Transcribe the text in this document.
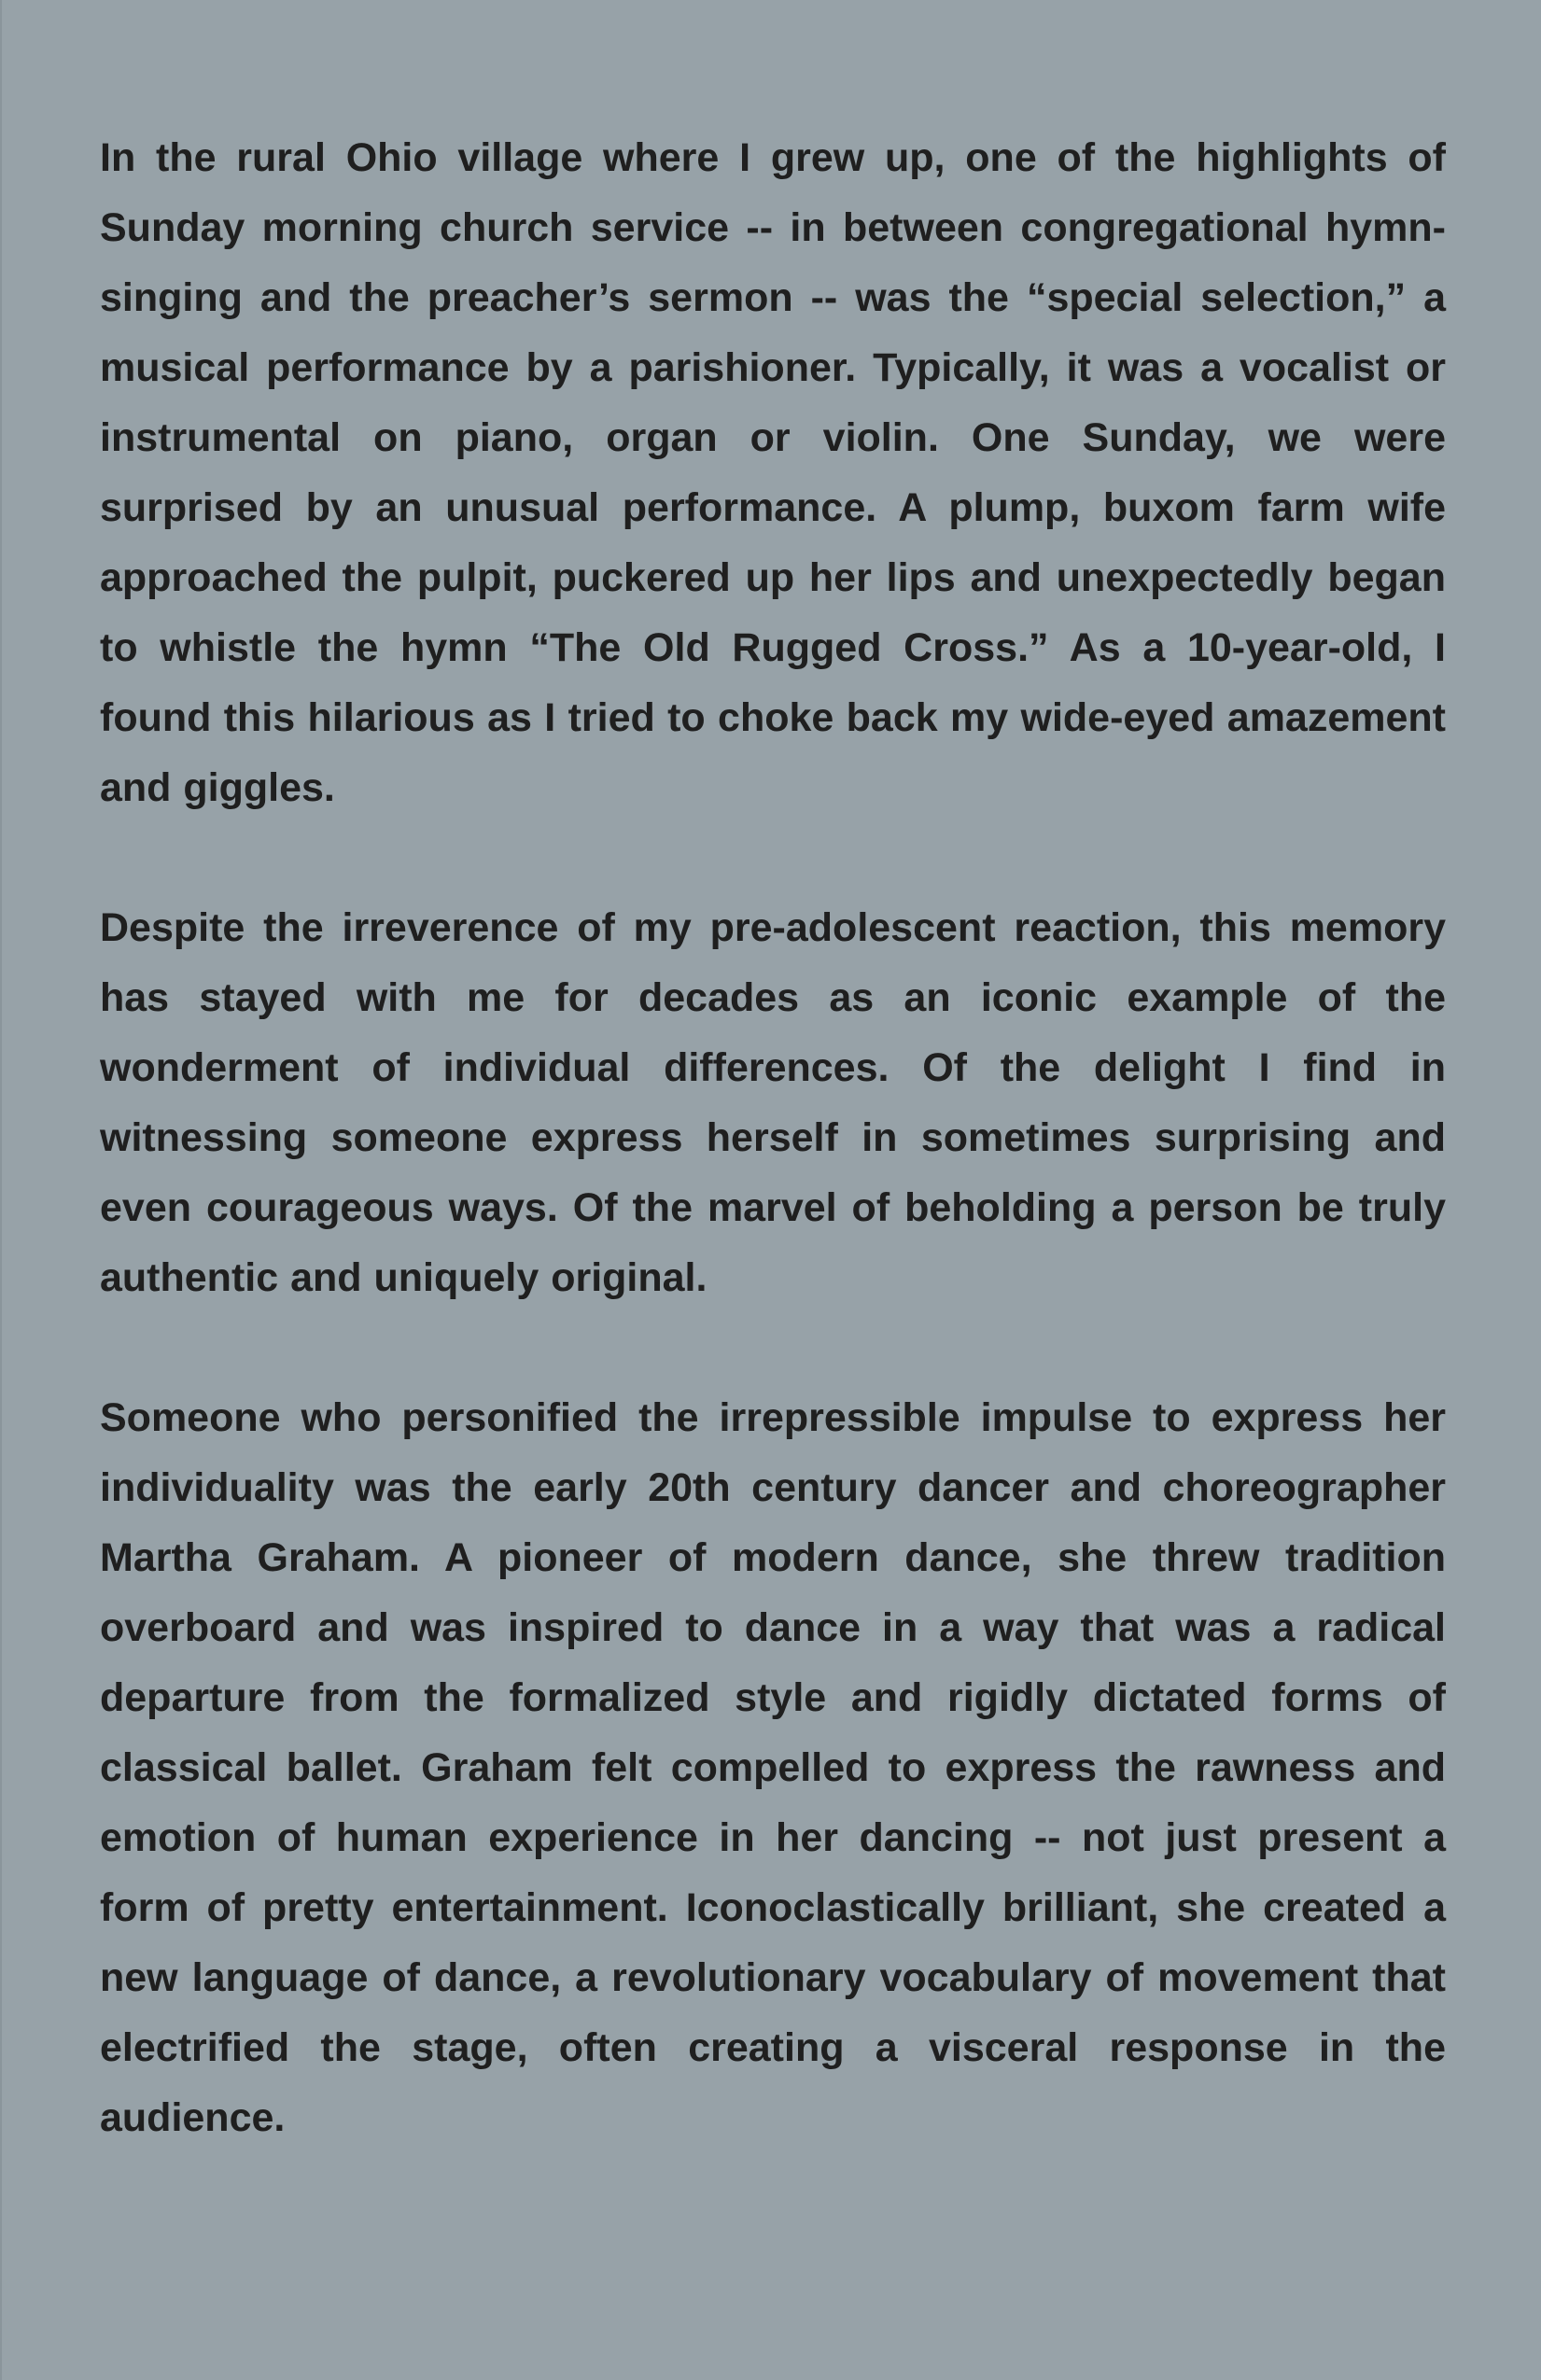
In the rural Ohio village where I grew up, one of the highlights of Sunday morning church service -- in between congregational hymn-singing and the preacher’s sermon -- was the “special selection,” a musical performance by a parishioner. Typically, it was a vocalist or instrumental on piano, organ or violin. One Sunday, we were surprised by an unusual performance. A plump, buxom farm wife approached the pulpit, puckered up her lips and unexpectedly began to whistle the hymn “The Old Rugged Cross.” As a 10-year-old, I found this hilarious as I tried to choke back my wide-eyed amazement and giggles.

Despite the irreverence of my pre-adolescent reaction, this memory has stayed with me for decades as an iconic example of the wonderment of individual differences. Of the delight I find in witnessing someone express herself in sometimes surprising and even courageous ways. Of the marvel of beholding a person be truly authentic and uniquely original.

Someone who personified the irrepressible impulse to express her individuality was the early 20th century dancer and choreographer Martha Graham. A pioneer of modern dance, she threw tradition overboard and was inspired to dance in a way that was a radical departure from the formalized style and rigidly dictated forms of classical ballet. Graham felt compelled to express the rawness and emotion of human experience in her dancing -- not just present a form of pretty entertainment. Iconoclastically brilliant, she created a new language of dance, a revolutionary vocabulary of movement that electrified the stage, often creating a visceral response in the audience.
